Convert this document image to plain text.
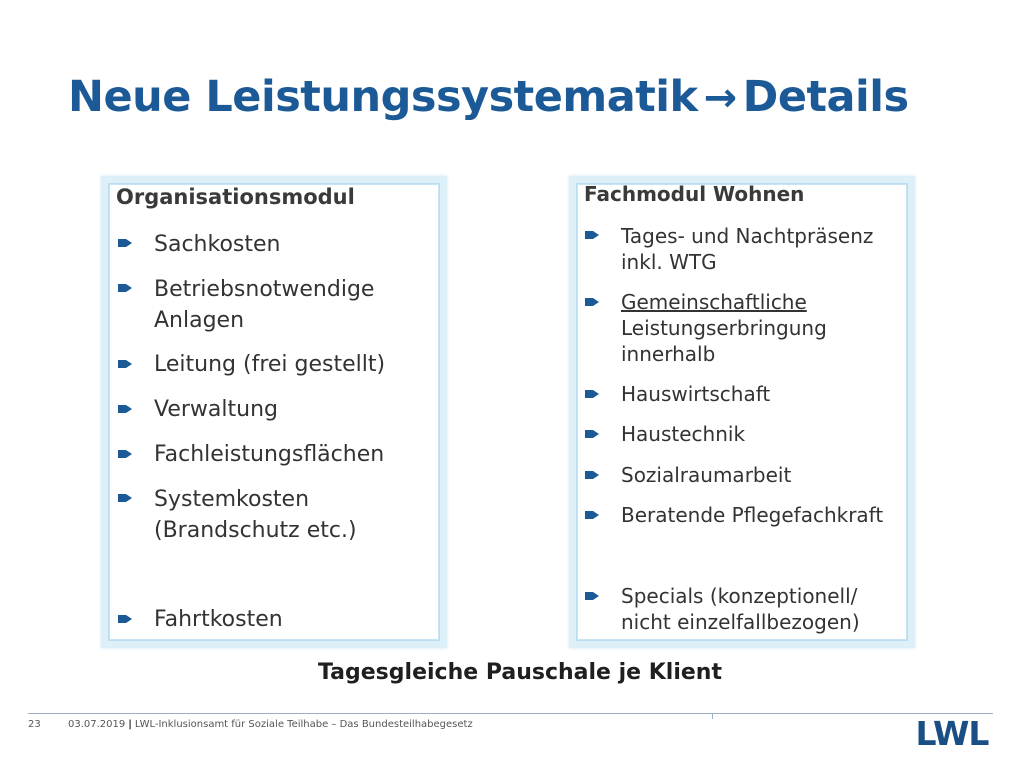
Neue Leistungssystematik → Details
Organisationsmodul
Sachkosten
Betriebsnotwendige
Anlagen
Leitung (frei gestellt)
Verwaltung
Fachleistungsflächen
Systemkosten
(Brandschutz etc.)
Fahrtkosten
Fachmodul Wohnen
Tages- und Nachtpräsenz
inkl. WTG
Gemeinschaftliche
Leistungserbringung
innerhalb
Hauswirtschaft
Haustechnik
Sozialraumarbeit
Beratende Pflegefachkraft
Specials (konzeptionell/
nicht einzelfallbezogen)
Tagesgleiche Pauschale je Klient
23	03.07.2019 | LWL-Inklusionsamt für Soziale Teilhabe – Das Bundesteilhabegesetz	LWL
